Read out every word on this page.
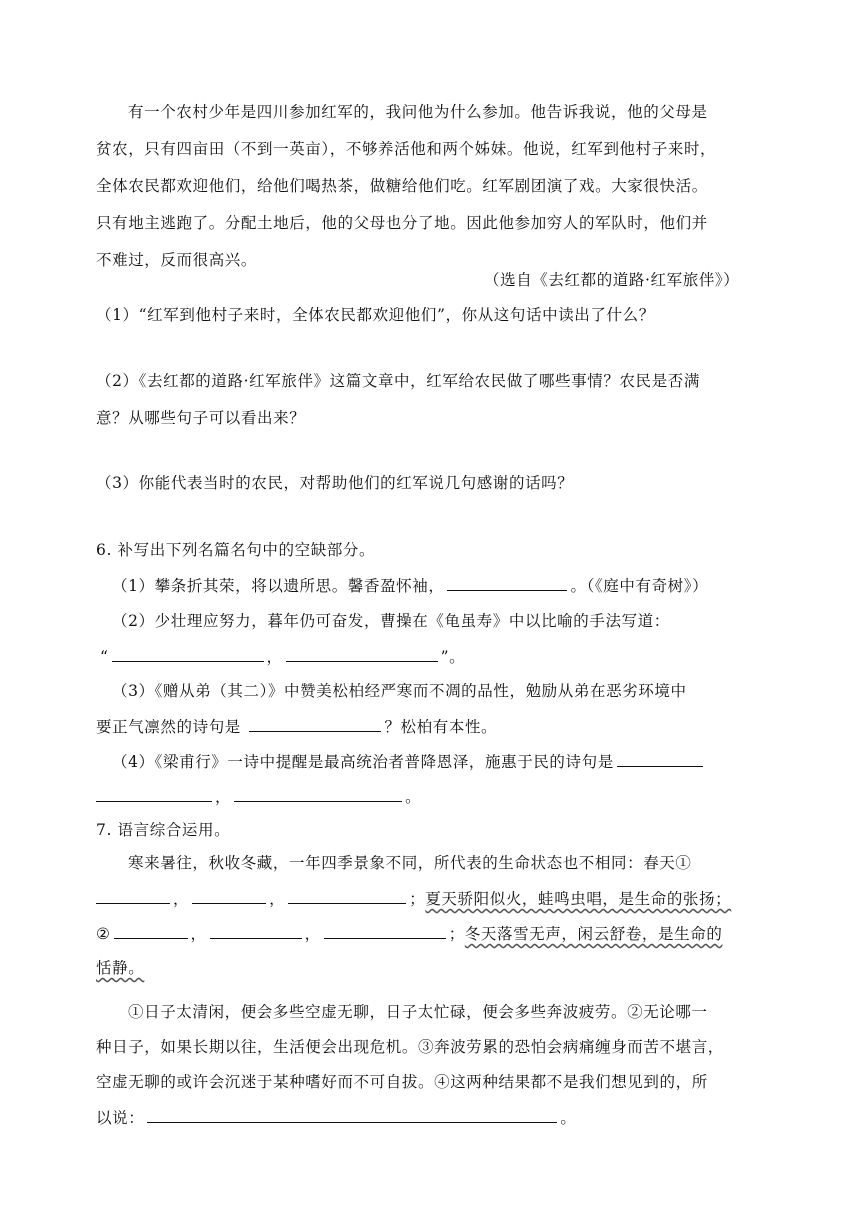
有一个农村少年是四川参加红军的，我问他为什么参加。他告诉我说，他的父母是
贫农，只有四亩田（不到一英亩），不够养活他和两个姊妹。他说，红军到他村子来时，
全体农民都欢迎他们，给他们喝热茶，做糖给他们吃。红军剧团演了戏。大家很快活。
只有地主逃跑了。分配土地后，他的父母也分了地。因此他参加穷人的军队时，他们并
不难过，反而很高兴。
（选自《去红都的道路·红军旅伴》）
（1）“红军到他村子来时，全体农民都欢迎他们”，你从这句话中读出了什么？
（2）《去红都的道路·红军旅伴》这篇文章中，红军给农民做了哪些事情？农民是否满
意？从哪些句子可以看出来？
（3）你能代表当时的农民，对帮助他们的红军说几句感谢的话吗？
6. 补写出下列名篇名句中的空缺部分。
（1）攀条折其荣，将以遗所思。馨香盈怀袖，	。（《庭中有奇树》）
（2）少壮理应努力，暮年仍可奋发，曹操在《龟虽寿》中以比喻的手法写道：
“	，	”。
（3）《赠从弟（其二）》中赞美松柏经严寒而不凋的品性，勉励从弟在恶劣环境中
要正气凛然的诗句是	？松柏有本性。
（4）《梁甫行》一诗中提醒是最高统治者普降恩泽，施惠于民的诗句是
，	。
7. 语言综合运用。
寒来暑往，秋收冬藏，一年四季景象不同，所代表的生命状态也不相同：春天①
，	，	；夏天骄阳似火，蛙鸣虫唱，是生命的张扬；
②	，	，	；冬天落雪无声，闲云舒卷，是生命的
恬静。
①日子太清闲，便会多些空虚无聊，日子太忙碌，便会多些奔波疲劳。②无论哪一
种日子，如果长期以往，生活便会出现危机。③奔波劳累的恐怕会病痛缠身而苦不堪言，
空虚无聊的或许会沉迷于某种嗜好而不可自拔。④这两种结果都不是我们想见到的，所
以说：	。
